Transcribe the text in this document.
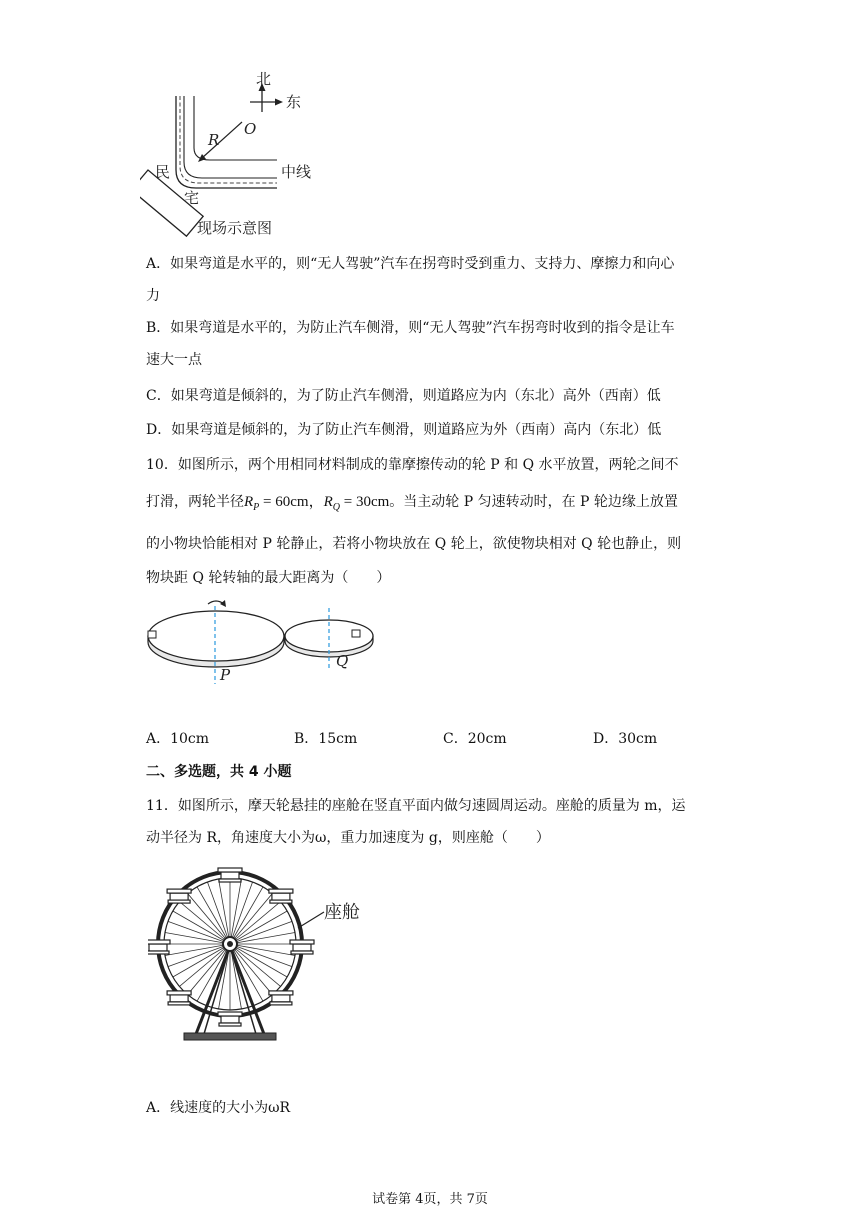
北
东
O
R
中线
民
宅
现场示意图
A．如果弯道是水平的，则“无人驾驶”汽车在拐弯时受到重力、支持力、摩擦力和向心
力
B．如果弯道是水平的，为防止汽车侧滑，则“无人驾驶”汽车拐弯时收到的指令是让车
速大一点
C．如果弯道是倾斜的，为了防止汽车侧滑，则道路应为内（东北）高外（西南）低
D．如果弯道是倾斜的，为了防止汽车侧滑，则道路应为外（西南）高内（东北）低
10．如图所示，两个用相同材料制成的靠摩擦传动的轮 P 和 Q 水平放置，两轮之间不
打滑，两轮半径$R_P = 60cm$，$R_Q = 30cm$。当主动轮 P 匀速转动时，在 P 轮边缘上放置
的小物块恰能相对 P 轮静止，若将小物块放在 Q 轮上，欲使物块相对 Q 轮也静止，则
物块距 Q 轮转轴的最大距离为（　　）
P
Q
A．10cm	B．15cm	C．20cm	D．30cm
二、多选题，共 4 小题
11．如图所示，摩天轮悬挂的座舱在竖直平面内做匀速圆周运动。座舱的质量为 m，运
动半径为 R，角速度大小为ω，重力加速度为 g，则座舱（　　）
座舱
A．线速度的大小为ωR
试卷第 4页，共 7页
